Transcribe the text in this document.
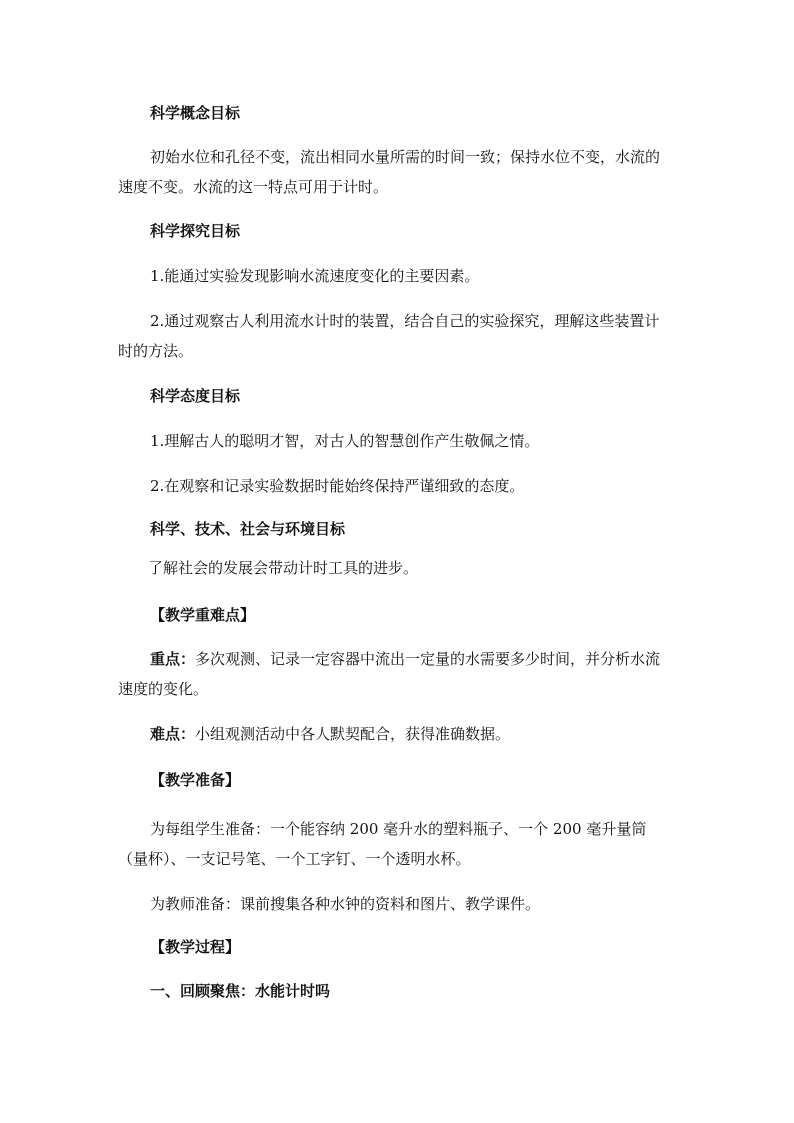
科学概念目标

初始水位和孔径不变，流出相同水量所需的时间一致；保持水位不变，水流的速度不变。水流的这一特点可用于计时。

科学探究目标

1.能通过实验发现影响水流速度变化的主要因素。

2.通过观察古人利用流水计时的装置，结合自己的实验探究，理解这些装置计时的方法。

科学态度目标

1.理解古人的聪明才智，对古人的智慧创作产生敬佩之情。

2.在观察和记录实验数据时能始终保持严谨细致的态度。

科学、技术、社会与环境目标

了解社会的发展会带动计时工具的进步。

【教学重难点】

重点：多次观测、记录一定容器中流出一定量的水需要多少时间，并分析水流速度的变化。

难点：小组观测活动中各人默契配合，获得准确数据。

【教学准备】

为每组学生准备：一个能容纳 200 毫升水的塑料瓶子、一个 200 毫升量筒（量杯）、一支记号笔、一个工字钉、一个透明水杯。

为教师准备：课前搜集各种水钟的资料和图片、教学课件。

【教学过程】

一、回顾聚焦：水能计时吗
